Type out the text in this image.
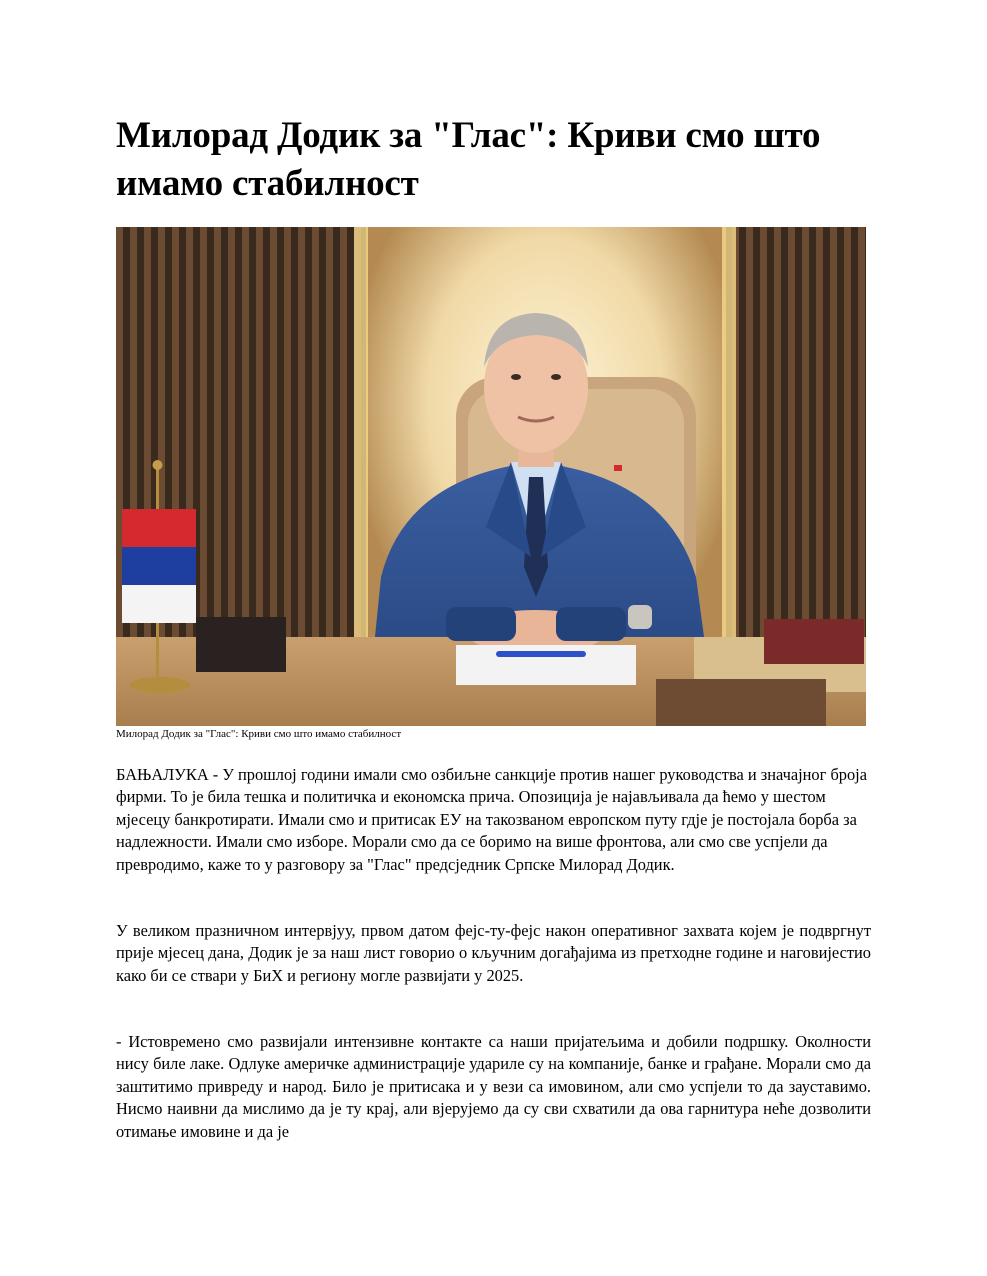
Милорад Додик за "Глас": Криви смо што имамо стабилност
Милорад Додик за "Глас": Криви смо што имамо стабилност

БАЊАЛУКА - У прошлој години имали смо озбиљне санкције против нашег руководства и значајног броја фирми. То је била тешка и политичка и економска прича. Опозиција је најављивала да ћемо у шестом мјесецу банкротирати. Имали смо и притисак ЕУ на такозваном европском путу гдје је постојала борба за надлежности. Имали смо изборе. Морали смо да се боримо на више фронтова, али смо све успјели да превродимо, каже то у разговору за "Глас" предсједник Српске Милорад Додик.

У великом празничном интервјуу, првом датом фејс-ту-фејс након оперативног захвата којем је подвргнут прије мјесец дана, Додик је за наш лист говорио о кључним догађајима из претходне године и наговијестио како би се ствари у БиХ и региону могле развијати у 2025.

- Истовремено смо развијали интензивне контакте са наши пријатељима и добили подршку. Околности нису биле лаке. Одлуке америчке администрације удариле су на компаније, банке и грађане. Морали смо да заштитимо привреду и народ. Било је притисака и у вези са имовином, али смо успјели то да зауставимо. Нисмо наивни да мислимо да је ту крај, али вјерујемо да су сви схватили да ова гарнитура неће дозволити отимање имовине и да је
